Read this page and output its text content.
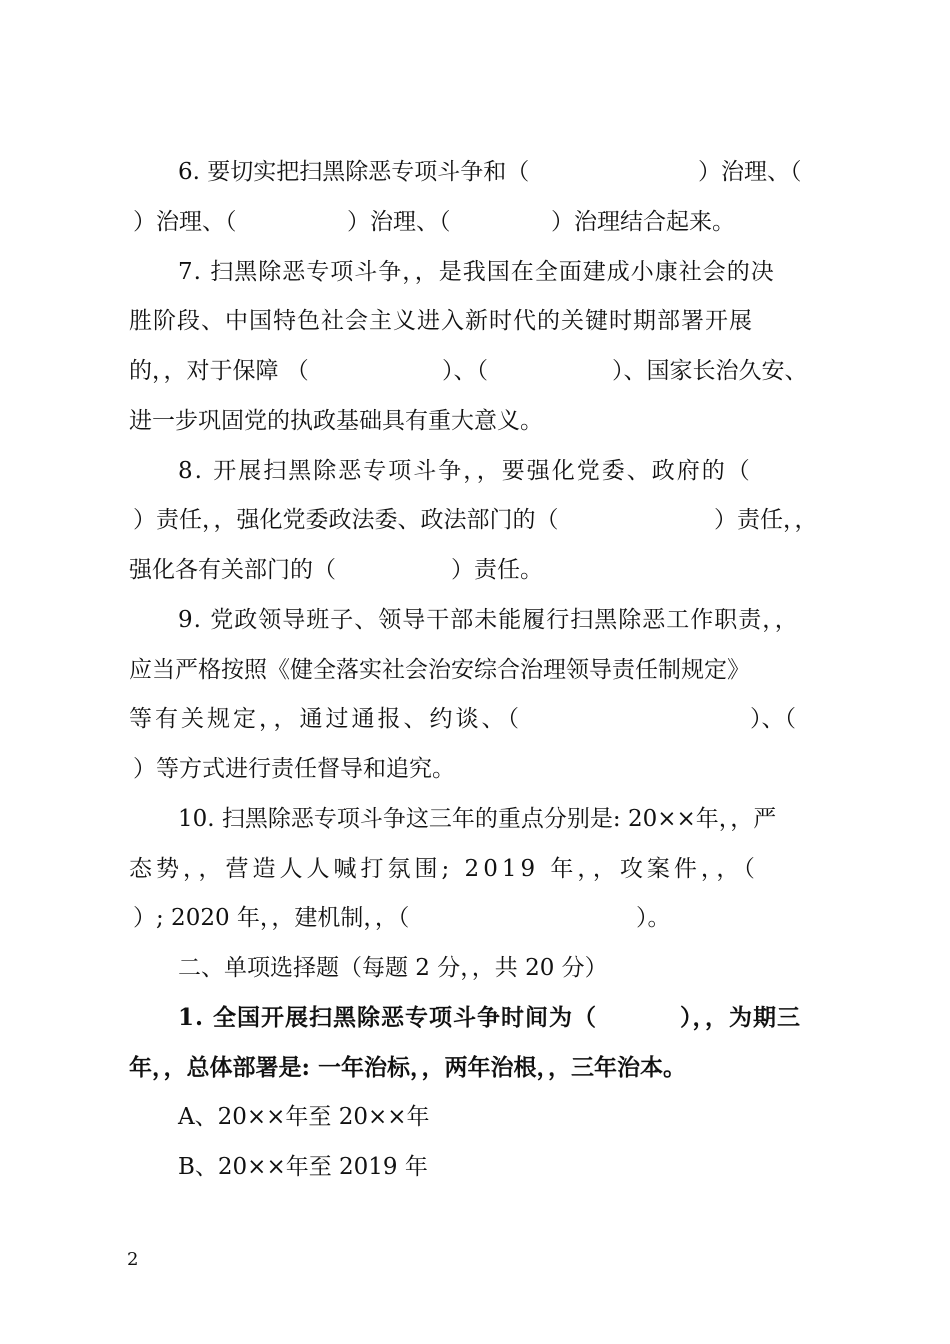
6. 要切实把扫黑除恶专项斗争和（	）治理、（
）治理、（	）治理、（	）治理结合起来。
7. 扫黑除恶专项斗争，，是我国在全面建成小康社会的决
胜阶段、中国特色社会主义进入新时代的关键时期部署开展
的，，对于保障 （	）、（	）、国家长治久安、
进一步巩固党的执政基础具有重大意义。
8. 开展扫黑除恶专项斗争，，要强化党委、政府的（
）责任，，强化党委政法委、政法部门的（	）责任，，
强化各有关部门的（	）责任。
9. 党政领导班子、领导干部未能履行扫黑除恶工作职责，，
应当严格按照《健全落实社会治安综合治理领导责任制规定》
等有关规定，，通过通报、约谈、（	）、（
）等方式进行责任督导和追究。
10. 扫黑除恶专项斗争这三年的重点分别是: 20××年，，严
态势，，营造人人喊打氛围; 2019 年，，攻案件，，（
）; 2020 年，，建机制，，（	）。
二、单项选择题（每题 2 分，，共 20 分）
1. 全国开展扫黑除恶专项斗争时间为（	），，为期三
年，，总体部署是: 一年治标，，两年治根，，三年治本。
A、20××年至 20××年
B、20××年至 2019 年
2
